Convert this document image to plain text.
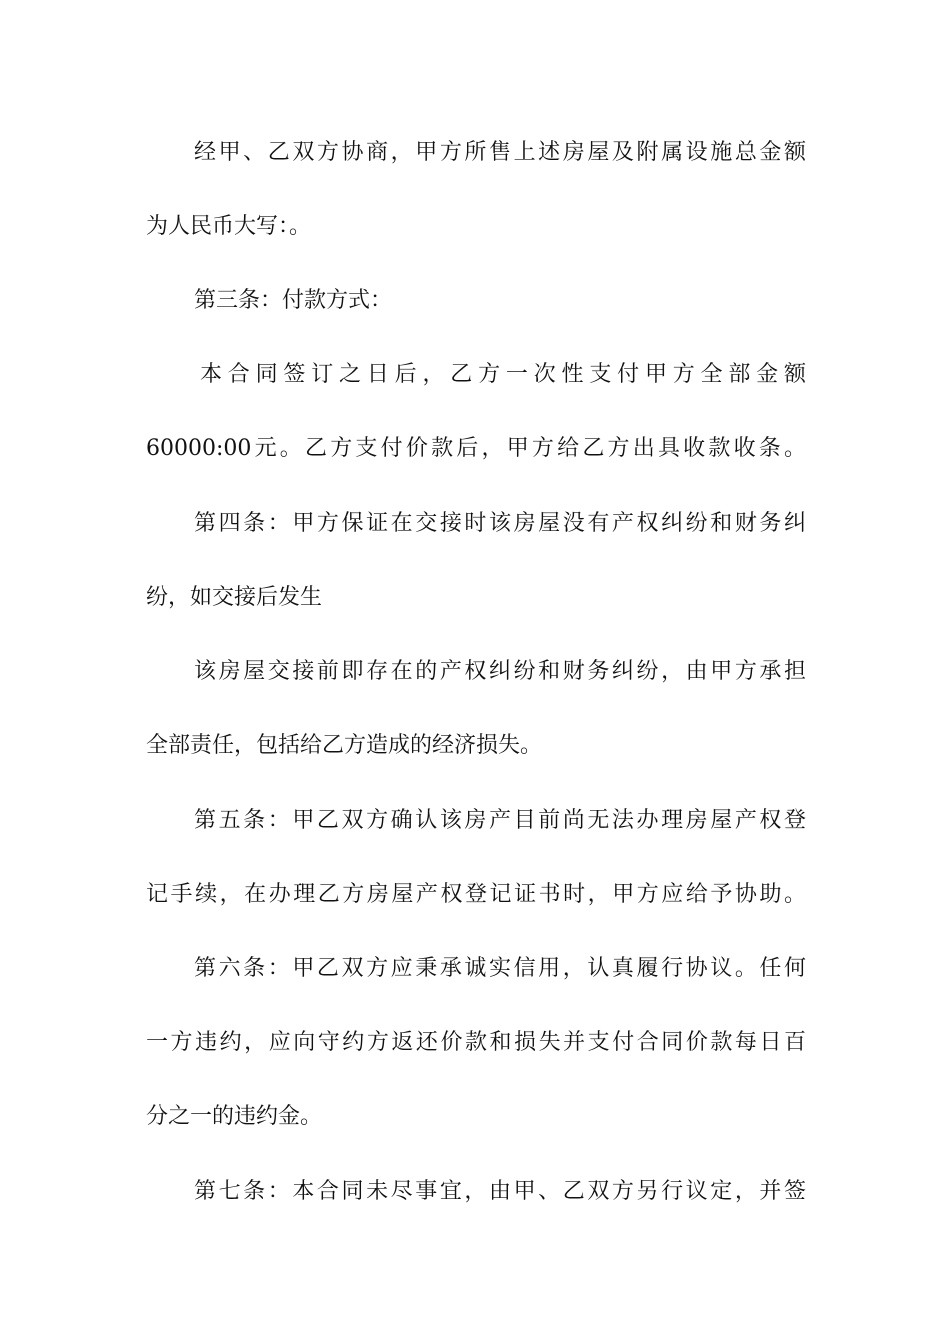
经甲、乙双方协商，甲方所售上述房屋及附属设施总金额
为人民币大写：。
第三条：付款方式：
本合同签订之日后，乙方一次性支付甲方全部金额
60000:00元。乙方支付价款后，甲方给乙方出具收款收条。
第四条：甲方保证在交接时该房屋没有产权纠纷和财务纠
纷，如交接后发生
该房屋交接前即存在的产权纠纷和财务纠纷，由甲方承担
全部责任，包括给乙方造成的经济损失。
第五条：甲乙双方确认该房产目前尚无法办理房屋产权登
记手续，在办理乙方房屋产权登记证书时，甲方应给予协助。
第六条：甲乙双方应秉承诚实信用，认真履行协议。任何
一方违约，应向守约方返还价款和损失并支付合同价款每日百
分之一的违约金。
第七条：本合同未尽事宜，由甲、乙双方另行议定，并签
